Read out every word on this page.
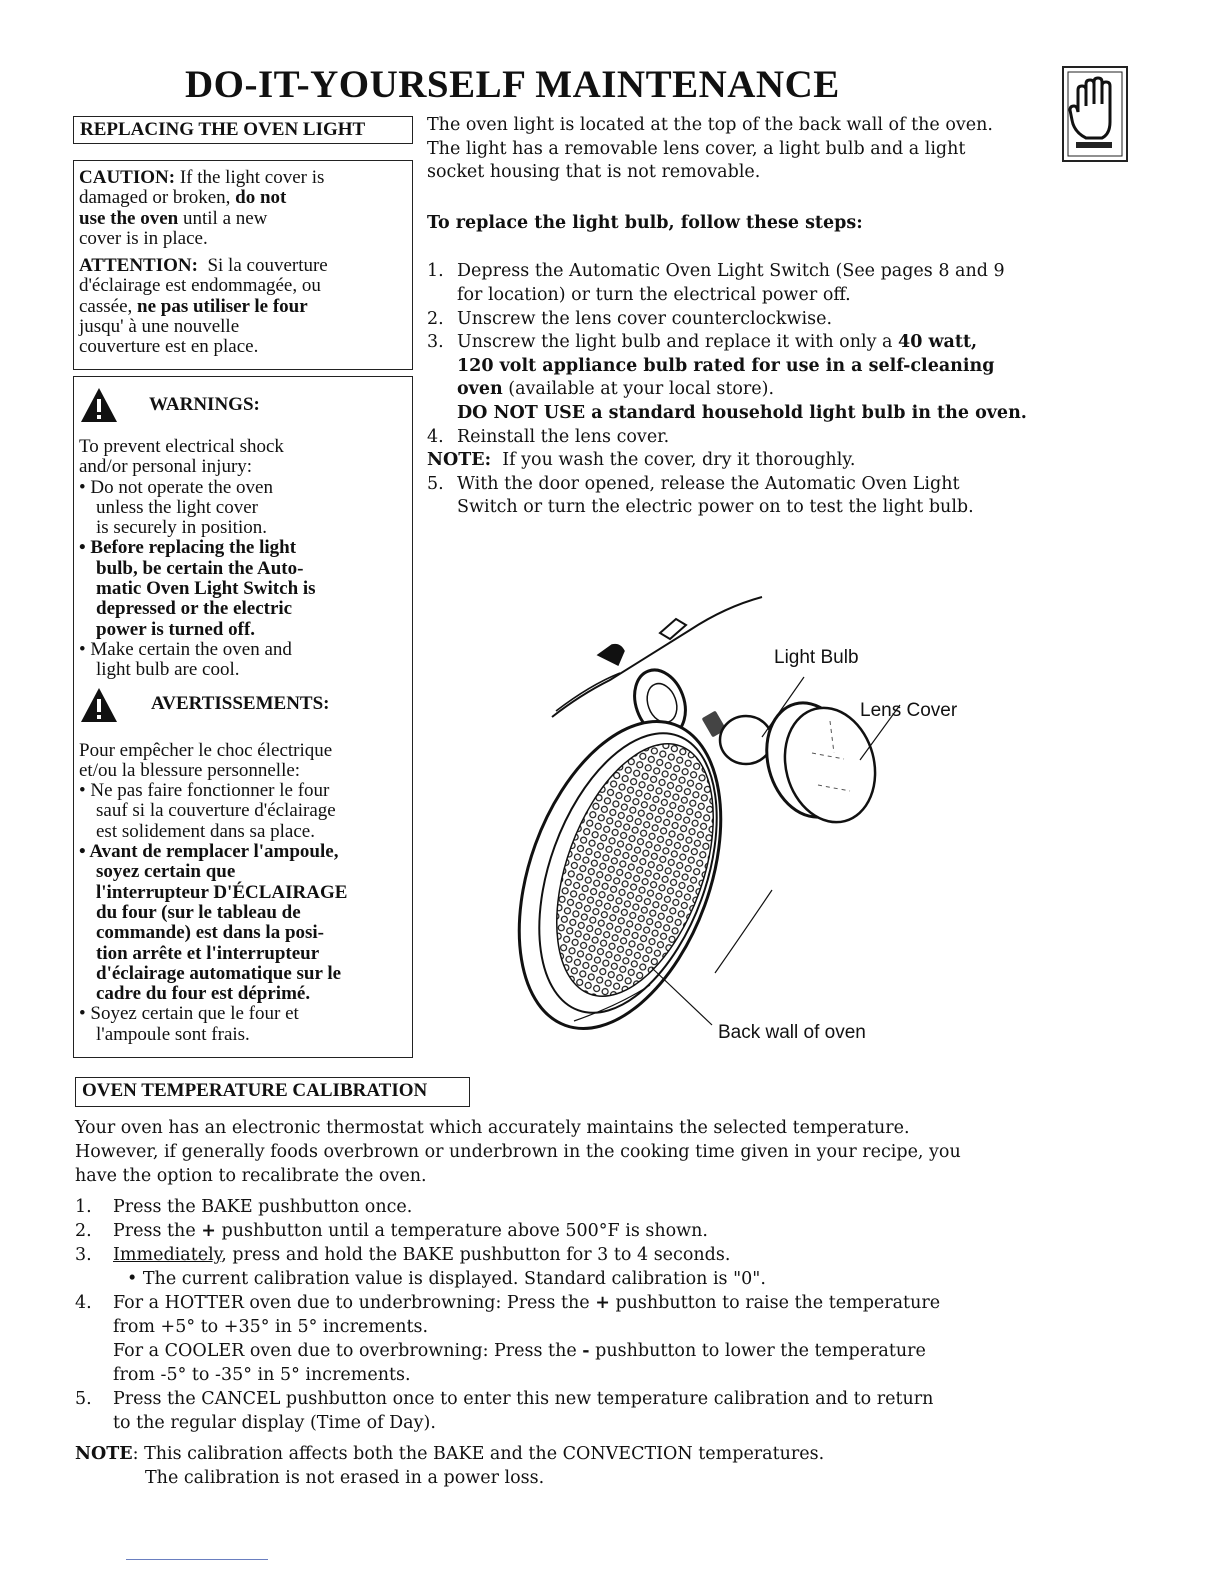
DO-IT-YOURSELF MAINTENANCE
REPLACING THE OVEN LIGHT

CAUTION: If the light cover is

damaged or broken, do not

use the oven until a new

cover is in place.

ATTENTION: Si la couverture

d'éclairage est endommagée, ou

cassée, ne pas utiliser le four

jusqu' à une nouvelle

couverture est en place.

WARNINGS:

To prevent electrical shock

and/or personal injury:

• Do not operate the oven

unless the light cover

is securely in position.

• Before replacing the light

bulb, be certain the Auto-

matic Oven Light Switch is

depressed or the electric

power is turned off.

• Make certain the oven and

light bulb are cool.

AVERTISSEMENTS:

Pour empêcher le choc électrique

et/ou la blessure personnelle:

• Ne pas faire fonctionner le four

sauf si la couverture d'éclairage

est solidement dans sa place.

• Avant de remplacer l'ampoule,

soyez certain que

l'interrupteur D'ÉCLAIRAGE

du four (sur le tableau de

commande) est dans la posi-

tion arrête et l'interrupteur

d'éclairage automatique sur le

cadre du four est déprimé.

• Soyez certain que le four et

l'ampoule sont frais.

The oven light is located at the top of the back wall of the oven.

The light has a removable lens cover, a light bulb and a light

socket housing that is not removable.

To replace the light bulb, follow these steps:

1. Depress the Automatic Oven Light Switch (See pages 8 and 9
for location) or turn the electrical power off.
2. Unscrew the lens cover counterclockwise.
3. Unscrew the light bulb and replace it with only a 40 watt,
120 volt appliance bulb rated for use in a self-cleaning
oven (available at your local store).
DO NOT USE a standard household light bulb in the oven.
4. Reinstall the lens cover.

NOTE: If you wash the cover, dry it thoroughly.

5. With the door opened, release the Automatic Oven Light
Switch or turn the electric power on to test the light bulb.
Light Bulb
Lens Cover
Back wall of oven
OVEN TEMPERATURE CALIBRATION

Your oven has an electronic thermostat which accurately maintains the selected temperature.

However, if generally foods overbrown or underbrown in the cooking time given in your recipe, you

have the option to recalibrate the oven.

1.	Press the BAKE pushbutton once.
2.	Press the + pushbutton until a temperature above 500°F is shown.
3.	Immediately, press and hold the BAKE pushbutton for 3 to 4 seconds.
• The current calibration value is displayed. Standard calibration is "0".
4.	For a HOTTER oven due to underbrowning: Press the + pushbutton to raise the temperature
from +5° to +35° in 5° increments.
For a COOLER oven due to overbrowning: Press the - pushbutton to lower the temperature
from -5° to -35° in 5° increments.
5.	Press the CANCEL pushbutton once to enter this new temperature calibration and to return
to the regular display (Time of Day).

NOTE: This calibration affects both the BAKE and the CONVECTION temperatures.

The calibration is not erased in a power loss.
